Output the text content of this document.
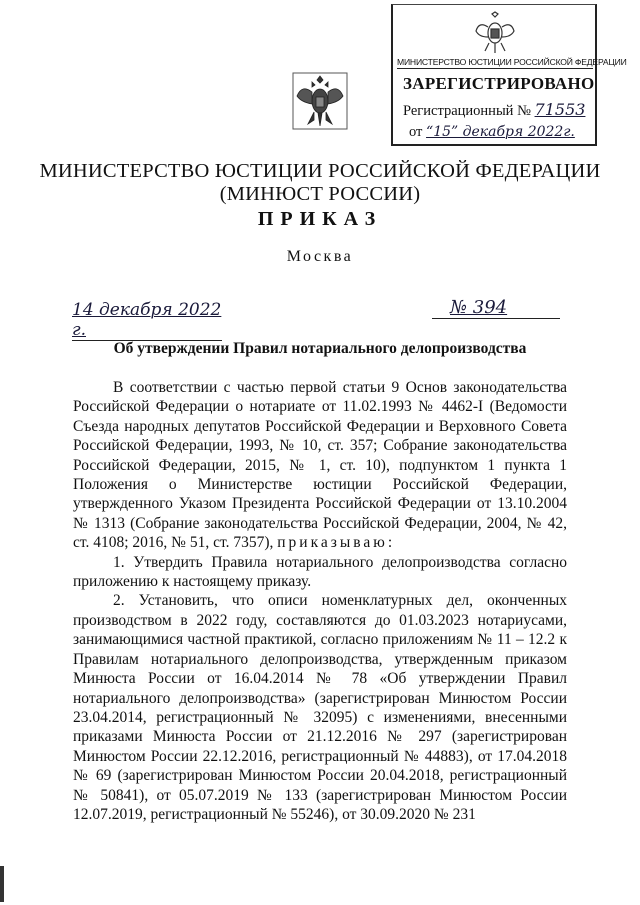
МИНИСТЕРСТВО ЮСТИЦИИ РОССИЙСКОЙ ФЕДЕРАЦИИ
ЗАРЕГИСТРИРОВАНО
Регистрационный № 71553
от “15” декабря 2022г.
МИНИСТЕРСТВО ЮСТИЦИИ РОССИЙСКОЙ ФЕДЕРАЦИИ
(МИНЮСТ РОССИИ)
ПРИКАЗ
Москва
14 декабря 2022 г.
№ 394
Об утверждении Правил нотариального делопроизводства

В соответствии с частью первой статьи 9 Основ законодательства Российской Федерации о нотариате от 11.02.1993 № 4462-I (Ведомости Съезда народных депутатов Российской Федерации и Верховного Совета Российской Федерации, 1993, № 10, ст. 357; Собрание законодательства Российской Федерации, 2015, № 1, ст. 10), подпунктом 1 пункта 1 Положения о Министерстве юстиции Российской Федерации, утвержденного Указом Президента Российской Федерации от 13.10.2004 № 1313 (Собрание законодательства Российской Федерации, 2004, № 42, ст. 4108; 2016, № 51, ст. 7357), приказываю:

1. Утвердить Правила нотариального делопроизводства согласно приложению к настоящему приказу.

2. Установить, что описи номенклатурных дел, оконченных производством в 2022 году, составляются до 01.03.2023 нотариусами, занимающимися частной практикой, согласно приложениям № 11 – 12.2 к Правилам нотариального делопроизводства, утвержденным приказом Минюста России от 16.04.2014 № 78 «Об утверждении Правил нотариального делопроизводства» (зарегистрирован Минюстом России 23.04.2014, регистрационный № 32095) с изменениями, внесенными приказами Минюста России от 21.12.2016 № 297 (зарегистрирован Минюстом России 22.12.2016, регистрационный № 44883), от 17.04.2018 № 69 (зарегистрирован Минюстом России 20.04.2018, регистрационный № 50841), от 05.07.2019 № 133 (зарегистрирован Минюстом России 12.07.2019, регистрационный № 55246), от 30.09.2020 № 231
